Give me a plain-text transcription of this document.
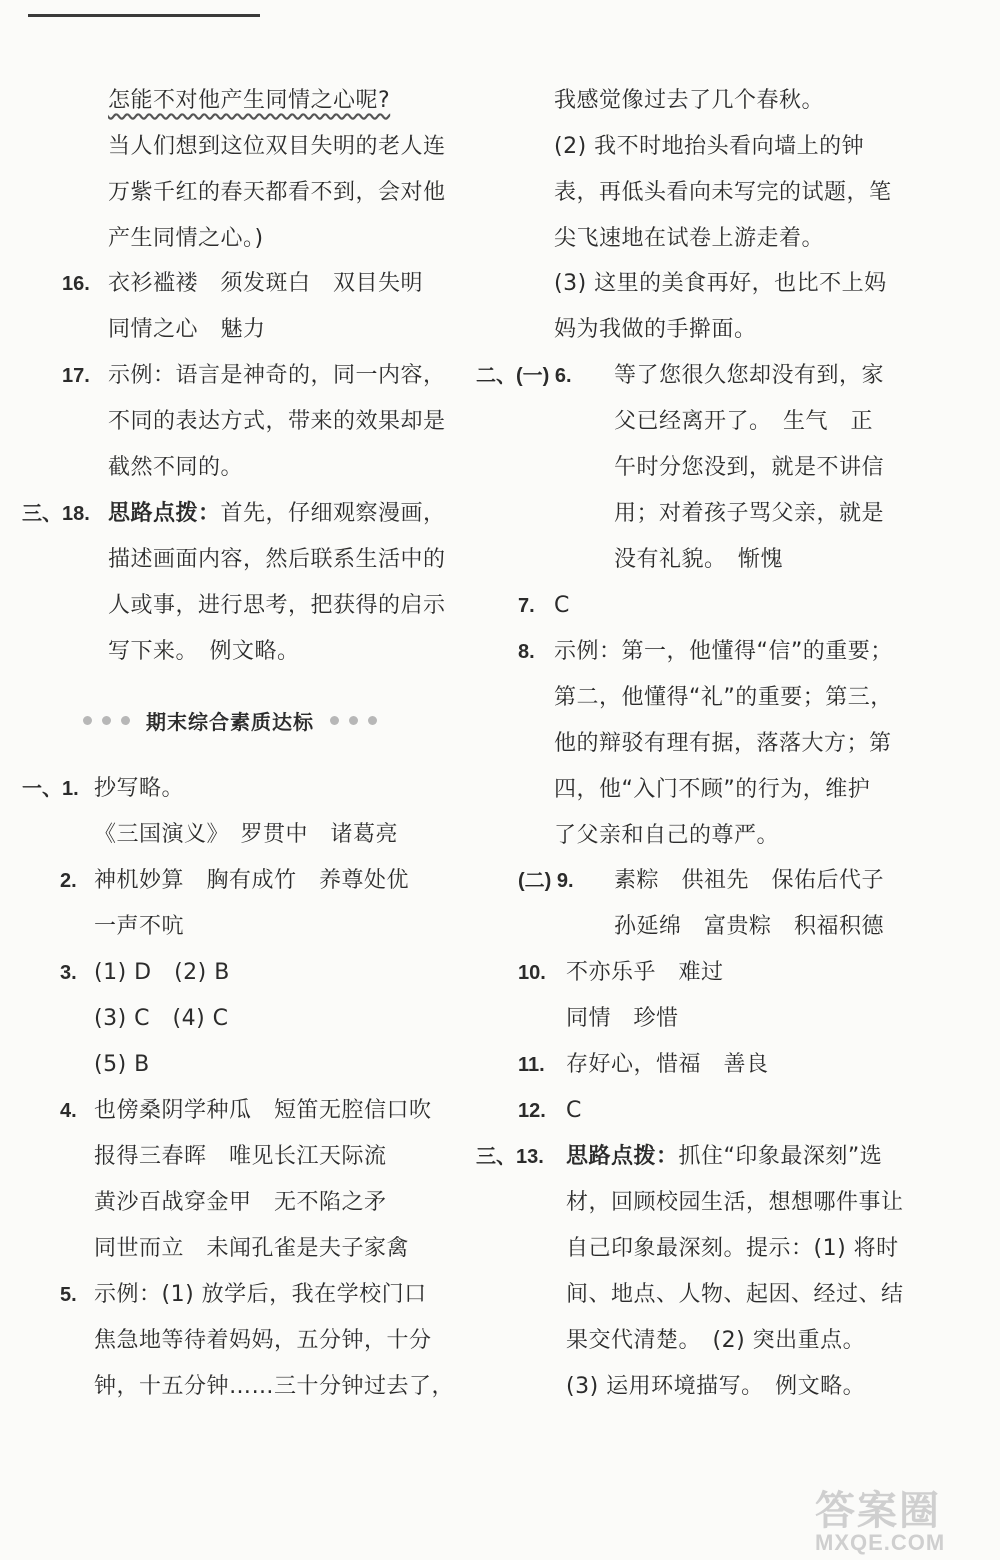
怎能不对他产生同情之心呢?
当人们想到这位双目失明的老人连
万紫千红的春天都看不到，会对他
产生同情之心。)
16. 衣衫褴褛　须发斑白　双目失明
同情之心　魅力
17. 示例：语言是神奇的，同一内容，
不同的表达方式，带来的效果却是
截然不同的。
三、18. 思路点拨：首先，仔细观察漫画，
描述画面内容，然后联系生活中的
人或事，进行思考，把获得的启示
写下来。　例文略。
期末综合素质达标
一、1. 抄写略。
《三国演义》　罗贯中　诸葛亮
2. 神机妙算　胸有成竹　养尊处优
一声不吭
3. (1) D　(2) B
(3) C　(4) C
(5) B
4. 也傍桑阴学种瓜　短笛无腔信口吹
报得三春晖　唯见长江天际流
黄沙百战穿金甲　无不陷之矛
同世而立　未闻孔雀是夫子家禽
5. 示例：(1) 放学后，我在学校门口
焦急地等待着妈妈，五分钟，十分
钟，十五分钟……三十分钟过去了，
我感觉像过去了几个春秋。
(2) 我不时地抬头看向墙上的钟
表，再低头看向未写完的试题，笔
尖飞速地在试卷上游走着。
(3) 这里的美食再好，也比不上妈
妈为我做的手擀面。
二、(一) 6. 等了您很久您却没有到，家
父已经离开了。　生气　正
午时分您没到，就是不讲信
用；对着孩子骂父亲，就是
没有礼貌。　惭愧
7. C
8. 示例：第一，他懂得“信”的重要；
第二，他懂得“礼”的重要；第三，
他的辩驳有理有据，落落大方；第
四，他“入门不顾”的行为，维护
了父亲和自己的尊严。
(二) 9. 素粽　供祖先　保佑后代子
孙延绵　富贵粽　积福积德
10. 不亦乐乎　难过
同情　珍惜
11. 存好心，惜福　善良
12. C
三、13. 思路点拨：抓住“印象最深刻”选
材，回顾校园生活，想想哪件事让
自己印象最深刻。提示：(1) 将时
间、地点、人物、起因、经过、结
果交代清楚。　(2) 突出重点。
(3) 运用环境描写。　例文略。
答案圈
MXQE.COM
